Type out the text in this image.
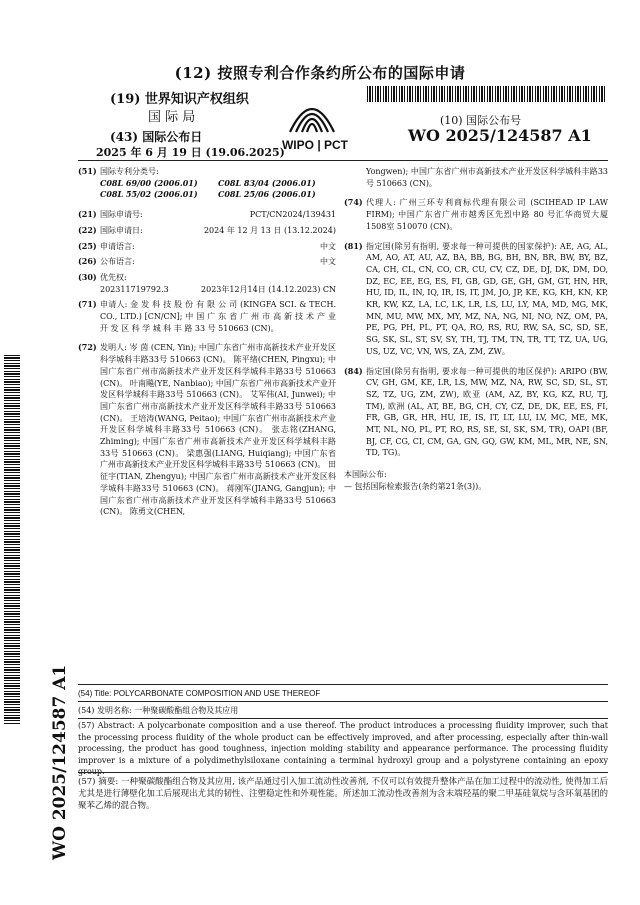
(12) 按照专利合作条约所公布的国际申请
(19) 世界知识产权组织
国 际 局
(43) 国际公布日
2025 年 6 月 19 日 (19.06.2025)
WIPO | PCT
(10) 国际公布号
WO 2025/124587 A1
(51) 国际专利分类号:
C08L 69/00 (2006.01)	C08L 83/04 (2006.01)
C08L 55/02 (2006.01)	C08L 25/06 (2006.01)
(21) 国际申请号:	PCT/CN2024/139431
(22) 国际申请日:	2024 年 12 月 13 日 (13.12.2024)
(25) 申请语言:	中文
(26) 公布语言:	中文
(30) 优先权:
202311719792.3	2023年12月14日 (14.12.2023)
CN
(71) 申请人: 金 发 科 技 股 份 有 限 公 司 (KINGFA SCI. & TECH. CO., LTD.) [CN/CN]; 中 国 广 东 省 广 州 市 高 新 技 术 产 业 开 发 区 科 学 城 科 丰 路 33 号 510663 (CN)。
(72) 发明人: 岑 茵 (CEN, Yin); 中国广东省广州市高新技术产业开发区科学城科丰路33号 510663 (CN)。 陈平绪(CHEN, Pingxu); 中国广东省广州市高新技术产业开发区科学城科丰路33号 510663 (CN)。 叶南飚(YE, Nanbiao); 中国广东省广州市高新技术产业开发区科学城科丰路33号 510663 (CN)。 艾军伟(AI, Junwei); 中国广东省广州市高新技术产业开发区科学城科丰路33号 510663 (CN)。 王培涛(WANG, Peitao); 中国广东省广州市高新技术产业开发区科学城科丰路33号 510663 (CN)。 张志铭(ZHANG, Zhiming); 中国广东省广州市高新技术产业开发区科学城科丰路33号 510663 (CN)。 梁惠强(LIANG, Huiqiang); 中国广东省广州市高新技术产业开发区科学城科丰路33号 510663 (CN)。 田征宇(TIAN, Zhengyu); 中国广东省广州市高新技术产业开发区科学城科丰路33号 510663 (CN)。 蒋刚军(JIANG, Gangjun); 中国广东省广州市高新技术产业开发区科学城科丰路33号 510663 (CN)。 陈勇文(CHEN,
Yongwen); 中国广东省广州市高新技术产业开发区科学城科丰路33号 510663 (CN)。
(74) 代理人: 广州三环专利商标代理有限公司 (SCIHEAD IP LAW FIRM); 中国广东省广州市越秀区先烈中路 80 号汇华商贸大厦1508室 510070 (CN)。
(81) 指定国(除另有指明, 要求每一种可提供的国家保护): AE, AG, AL, AM, AO, AT, AU, AZ, BA, BB, BG, BH, BN, BR, BW, BY, BZ, CA, CH, CL, CN, CO, CR, CU, CV, CZ, DE, DJ, DK, DM, DO, DZ, EC, EE, EG, ES, FI, GB, GD, GE, GH, GM, GT, HN, HR, HU, ID, IL, IN, IQ, IR, IS, IT, JM, JO, JP, KE, KG, KH, KN, KP, KR, KW, KZ, LA, LC, LK, LR, LS, LU, LY, MA, MD, MG, MK, MN, MU, MW, MX, MY, MZ, NA, NG, NI, NO, NZ, OM, PA, PE, PG, PH, PL, PT, QA, RO, RS, RU, RW, SA, SC, SD, SE, SG, SK, SL, ST, SV, SY, TH, TJ, TM, TN, TR, TT, TZ, UA, UG, US, UZ, VC, VN, WS, ZA, ZM, ZW。
(84) 指定国(除另有指明, 要求每一种可提供的地区保护): ARIPO (BW, CV, GH, GM, KE, LR, LS, MW, MZ, NA, RW, SC, SD, SL, ST, SZ, TZ, UG, ZM, ZW), 欧亚 (AM, AZ, BY, KG, KZ, RU, TJ, TM), 欧洲 (AL, AT, BE, BG, CH, CY, CZ, DE, DK, EE, ES, FI, FR, GB, GR, HR, HU, IE, IS, IT, LT, LU, LV, MC, ME, MK, MT, NL, NO, PL, PT, RO, RS, SE, SI, SK, SM, TR), OAPI (BF, BJ, CF, CG, CI, CM, GA, GN, GQ, GW, KM, ML, MR, NE, SN, TD, TG)。
本国际公布:
— 包括国际检索报告(条约第21条(3))。
(54) Title: POLYCARBONATE COMPOSITION AND USE THEREOF
(54) 发明名称: 一种聚碳酸酯组合物及其应用
(57) Abstract: A polycarbonate composition and a use thereof. The product introduces a processing fluidity improver, such that the processing process fluidity of the whole product can be effectively improved, and after processing, especially after thin-wall processing, the product has good toughness, injection molding stability and appearance performance. The processing fluidity improver is a mixture of a polydimethylsiloxane containing a terminal hydroxyl group and a polystyrene containing an epoxy group.
(57) 摘要: 一种聚碳酸酯组合物及其应用, 该产品通过引入加工流动性改善剂, 不仅可以有效提升整体产品在加工过程中的流动性, 使得加工后尤其是进行薄壁化加工后展现出尤其的韧性、注塑稳定性和外观性能。所述加工流动性改善剂为含末端羟基的聚二甲基硅氧烷与含环氧基团的聚苯乙烯的混合物。
WO 2025/124587 A1
